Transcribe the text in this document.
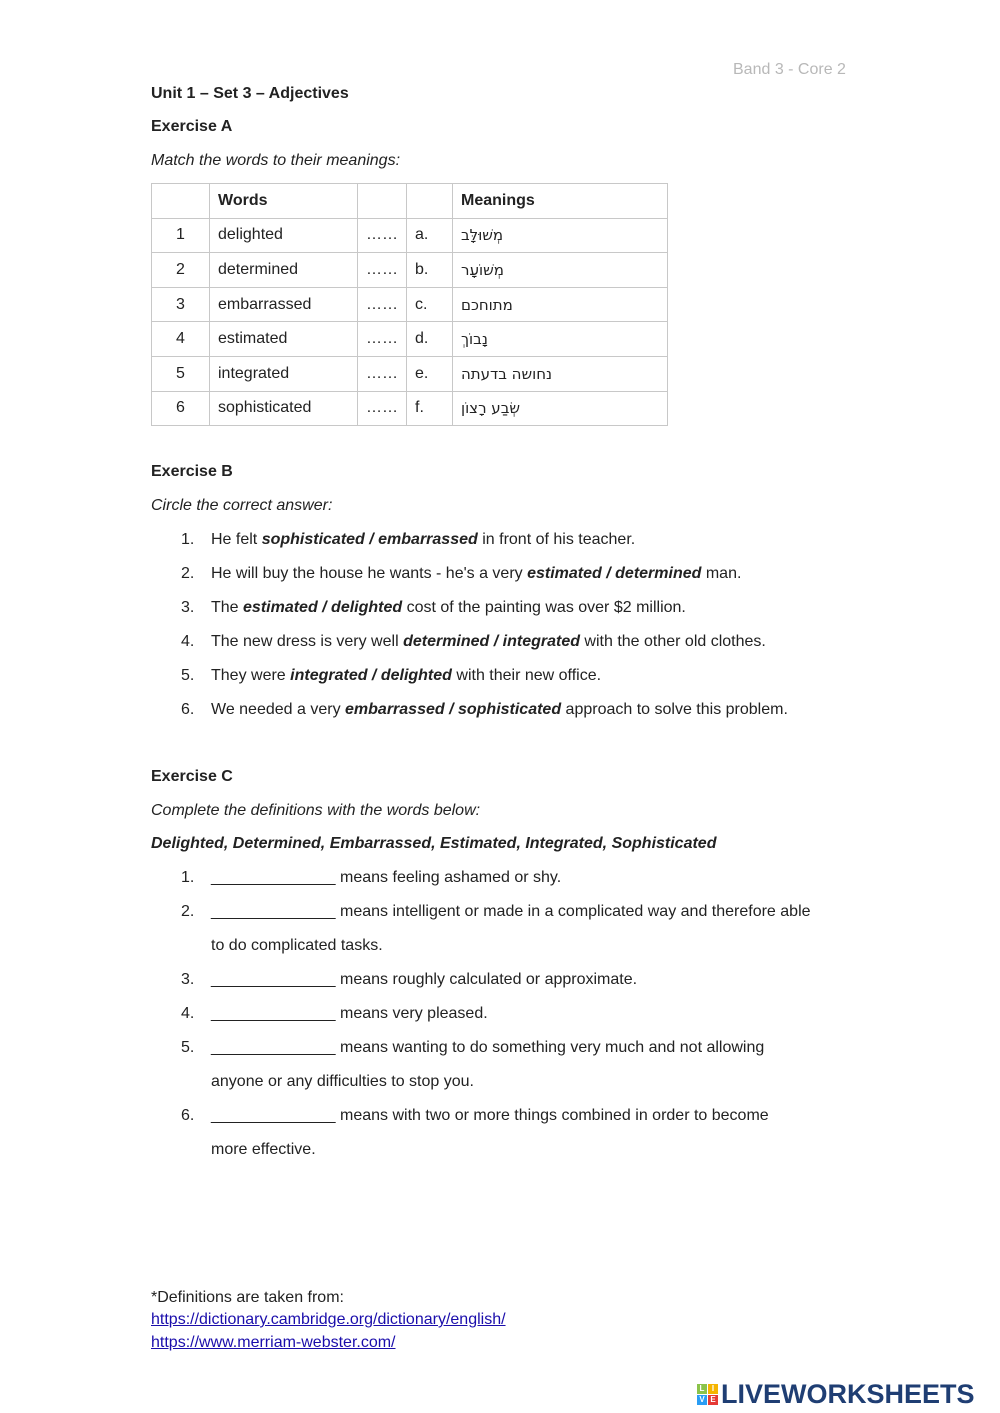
Band 3 - Core 2
Unit 1 – Set 3 – Adjectives
Exercise A
Match the words to their meanings:
	Words			Meanings
1	delighted	……	a.	מְשׁוּלָּב
2	determined	……	b.	מְשׁוֹעָר
3	embarrassed	……	c.	מתוחכם
4	estimated	……	d.	נָבוֹךְ
5	integrated	……	e.	נחושה בדעתה
6	sophisticated	……	f.	שְׂבַע רָצוֹן
Exercise B
Circle the correct answer:
1. He felt sophisticated / embarrassed in front of his teacher.
2. He will buy the house he wants - he's a very estimated / determined man.
3. The estimated / delighted cost of the painting was over $2 million.
4. The new dress is very well determined / integrated with the other old clothes.
5. They were integrated / delighted with their new office.
6. We needed a very embarrassed / sophisticated approach to solve this problem.
Exercise C
Complete the definitions with the words below:
Delighted, Determined, Embarrassed, Estimated, Integrated, Sophisticated
1. ______________ means feeling ashamed or shy.
2. ______________ means intelligent or made in a complicated way and therefore able
to do complicated tasks.
3. ______________ means roughly calculated or approximate.
4. ______________ means very pleased.
5. ______________ means wanting to do something very much and not allowing
anyone or any difficulties to stop you.
6. ______________ means with two or more things combined in order to become
more effective.
*Definitions are taken from:
https://dictionary.cambridge.org/dictionary/english/
https://www.merriam-webster.com/
L I
V E LIVEWORKSHEETS
